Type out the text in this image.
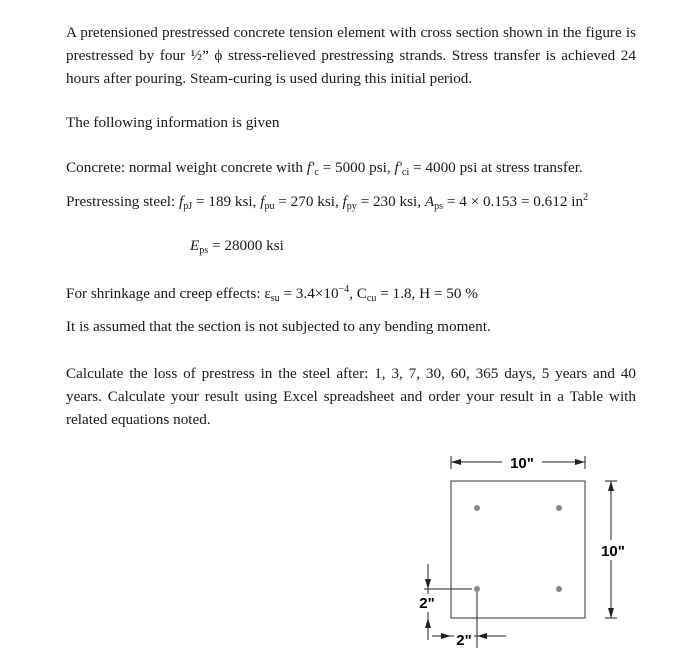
A pretensioned prestressed concrete tension element with cross section shown in the figure is prestressed by four ½” ϕ stress-relieved prestressing strands. Stress transfer is achieved 24 hours after pouring. Steam-curing is used during this initial period.

The following information is given

Concrete: normal weight concrete with $f'_c = 5000$ psi, $f'_{ci} = 4000$ psi at stress transfer.

Prestressing steel: $f_{pJ} = 189$ ksi, $f_{pu} = 270$ ksi, $f_{py} = 230$ ksi, $A_{ps} = 4 \times 0.153 = 0.612$ $in^2$

$E_{ps} = 28000$ ksi

For shrinkage and creep effects: $\varepsilon_{su} = 3.4\times 10^{-4}$, $C_{cu} = 1.8$, H = 50 %

It is assumed that the section is not subjected to any bending moment.

Calculate the loss of prestress in the steel after: 1, 3, 7, 30, 60, 365 days, 5 years and 40 years. Calculate your result using Excel spreadsheet and order your result in a Table with related equations noted.

10"
10"
2"
2"
